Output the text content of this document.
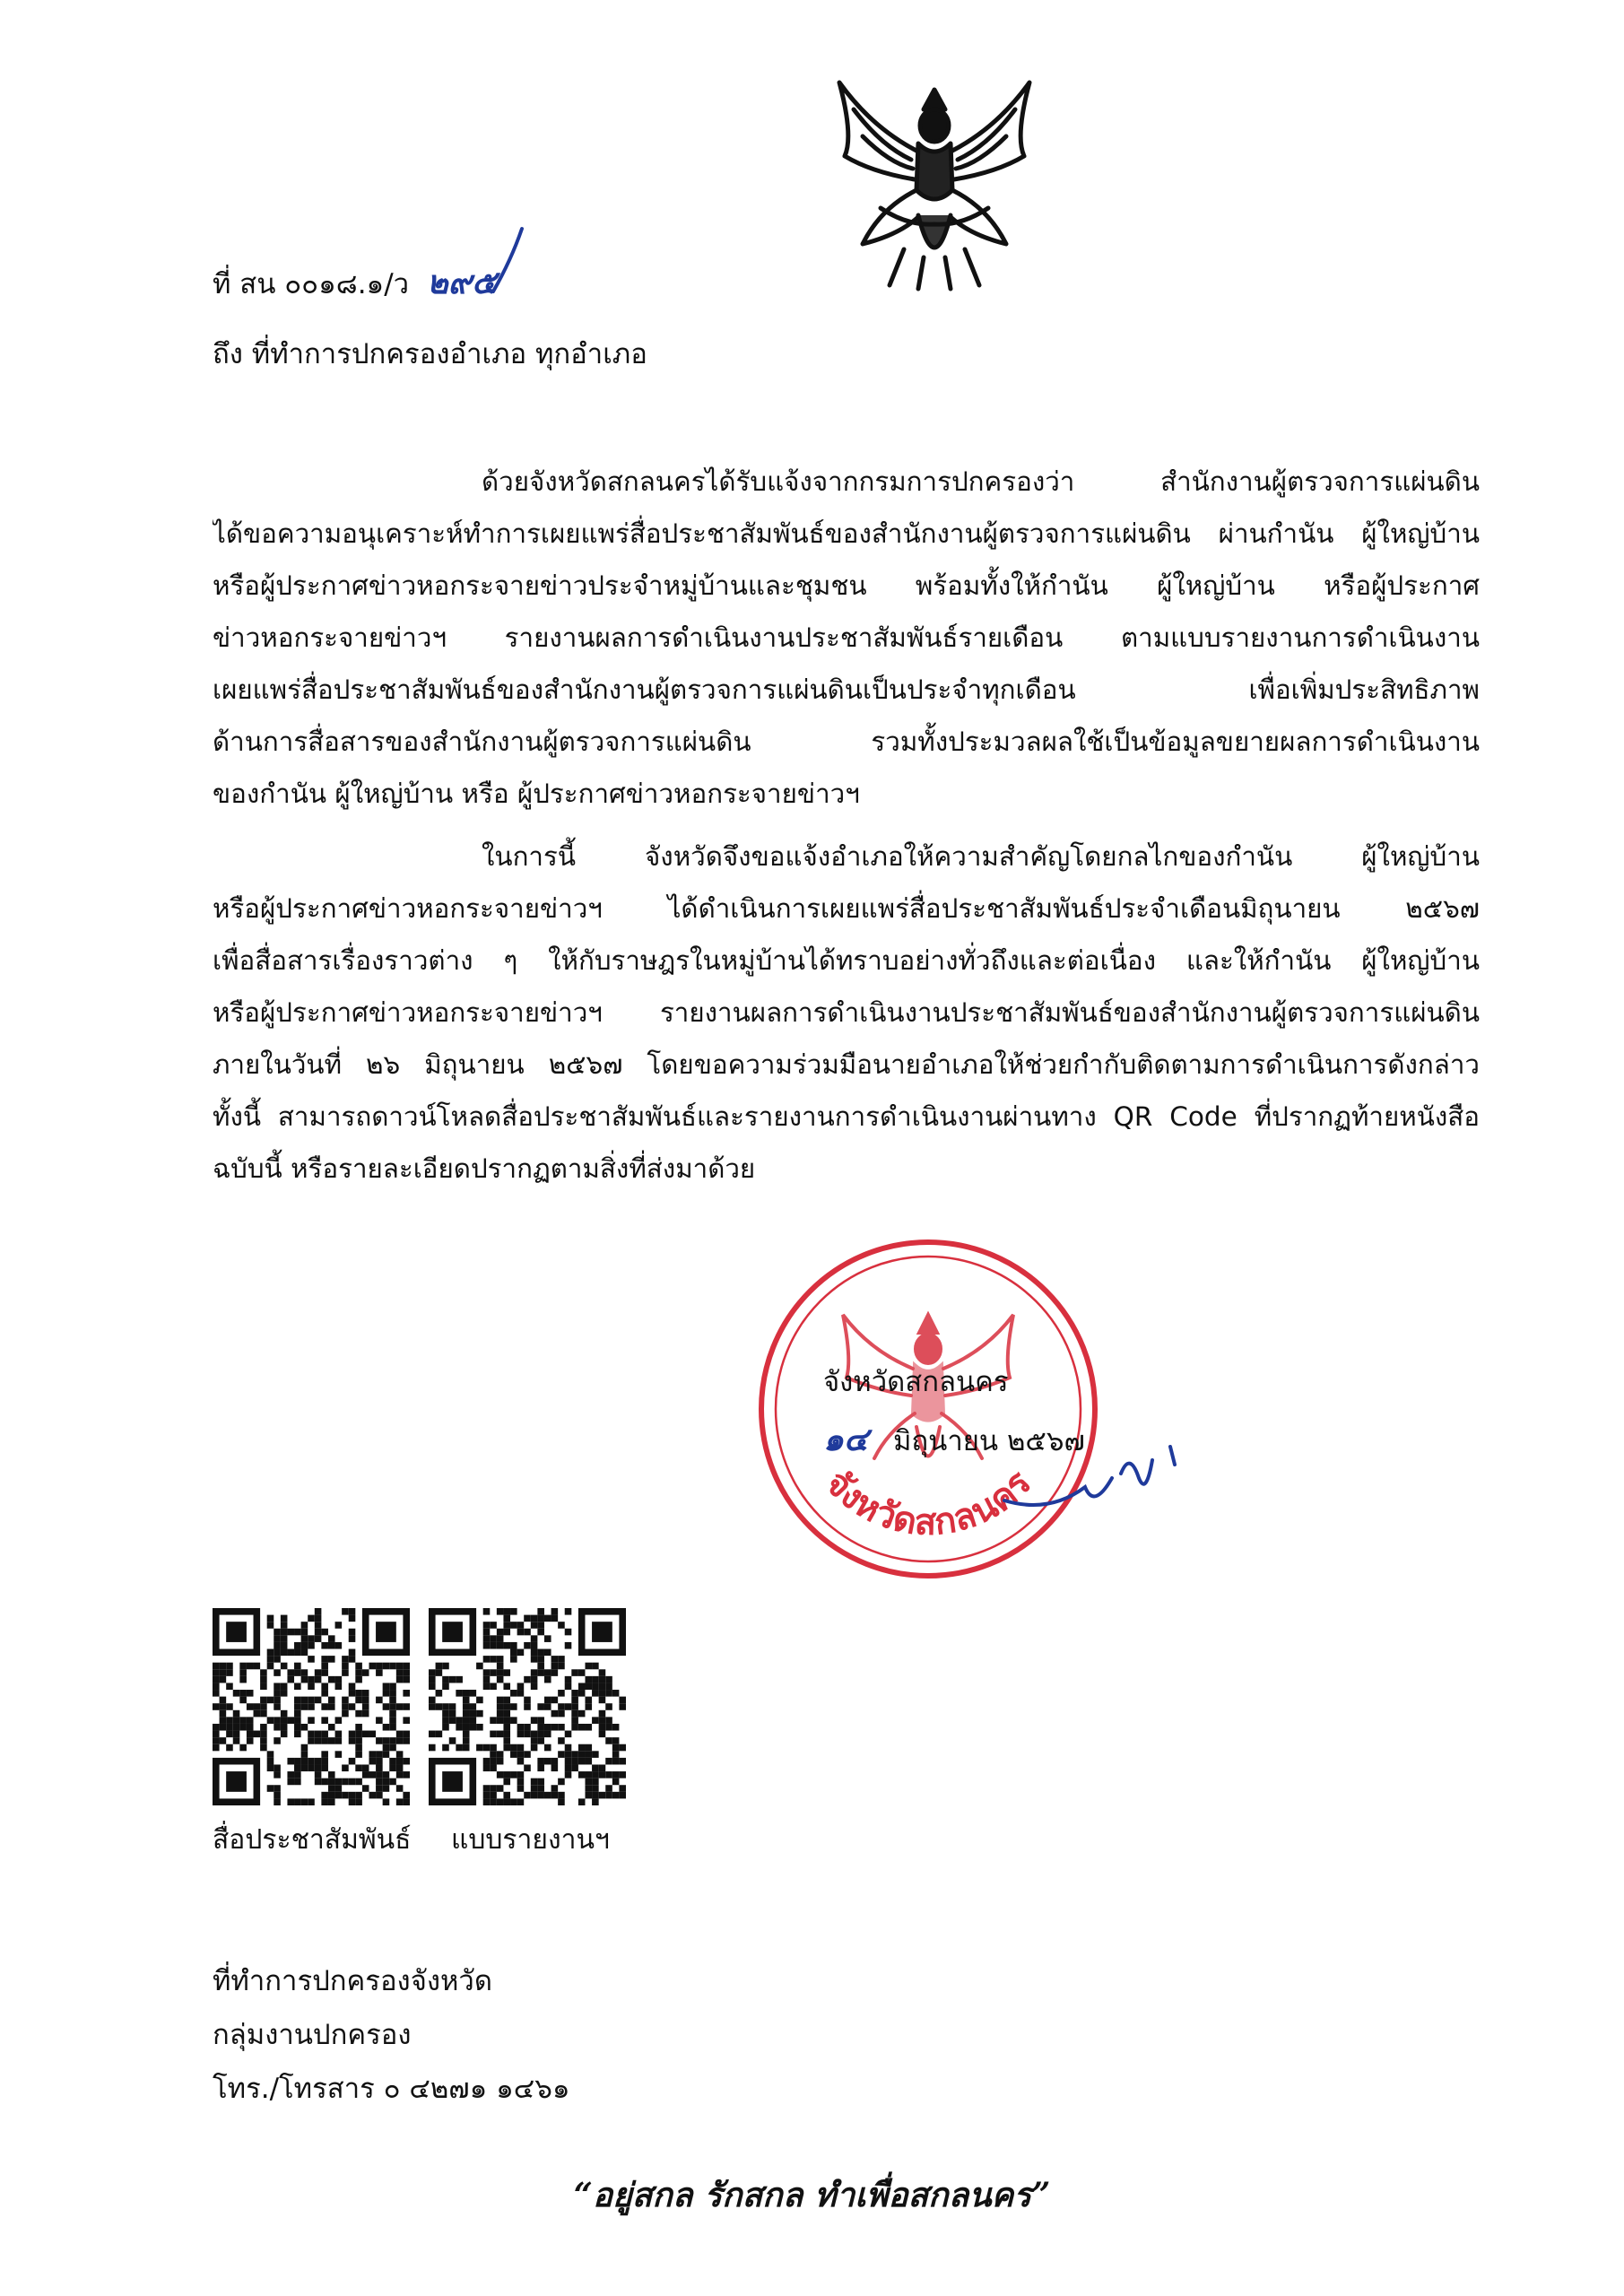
ที่ สน ๐๐๑๘.๑/ว ๒๙๕
ถึง ที่ทำการปกครองอำเภอ ทุกอำเภอ
ด้วยจังหวัดสกลนครได้รับแจ้งจากกรมการปกครองว่า สำนักงานผู้ตรวจการแผ่นดิน
ได้ขอความอนุเคราะห์ทำการเผยแพร่สื่อประชาสัมพันธ์ของสำนักงานผู้ตรวจการแผ่นดิน ผ่านกำนัน ผู้ใหญ่บ้าน
หรือผู้ประกาศข่าวหอกระจายข่าวประจำหมู่บ้านและชุมชน พร้อมทั้งให้กำนัน ผู้ใหญ่บ้าน หรือผู้ประกาศ
ข่าวหอกระจายข่าวฯ รายงานผลการดำเนินงานประชาสัมพันธ์รายเดือน ตามแบบรายงานการดำเนินงาน
เผยแพร่สื่อประชาสัมพันธ์ของสำนักงานผู้ตรวจการแผ่นดินเป็นประจำทุกเดือน เพื่อเพิ่มประสิทธิภาพ
ด้านการสื่อสารของสำนักงานผู้ตรวจการแผ่นดิน รวมทั้งประมวลผลใช้เป็นข้อมูลขยายผลการดำเนินงาน
ของกำนัน ผู้ใหญ่บ้าน หรือ ผู้ประกาศข่าวหอกระจายข่าวฯ
ในการนี้ จังหวัดจึงขอแจ้งอำเภอให้ความสำคัญโดยกลไกของกำนัน ผู้ใหญ่บ้าน
หรือผู้ประกาศข่าวหอกระจายข่าวฯ ได้ดำเนินการเผยแพร่สื่อประชาสัมพันธ์ประจำเดือนมิถุนายน ๒๕๖๗
เพื่อสื่อสารเรื่องราวต่าง ๆ ให้กับราษฎรในหมู่บ้านได้ทราบอย่างทั่วถึงและต่อเนื่อง และให้กำนัน ผู้ใหญ่บ้าน
หรือผู้ประกาศข่าวหอกระจายข่าวฯ รายงานผลการดำเนินงานประชาสัมพันธ์ของสำนักงานผู้ตรวจการแผ่นดิน
ภายในวันที่ ๒๖ มิถุนายน ๒๕๖๗ โดยขอความร่วมมือนายอำเภอให้ช่วยกำกับติดตามการดำเนินการดังกล่าว
ทั้งนี้ สามารถดาวน์โหลดสื่อประชาสัมพันธ์และรายงานการดำเนินงานผ่านทาง QR Code ที่ปรากฏท้ายหนังสือ
ฉบับนี้ หรือรายละเอียดปรากฏตามสิ่งที่ส่งมาด้วย
จังหวัดสกลนคร
จังหวัดสกลนคร
๑๔ มิถุนายน ๒๕๖๗
สื่อประชาสัมพันธ์ แบบรายงานฯ
ที่ทำการปกครองจังหวัด
กลุ่มงานปกครอง
โทร./โทรสาร ๐ ๔๒๗๑ ๑๔๖๑
“อยู่สกล รักสกล ทำเพื่อสกลนคร”
